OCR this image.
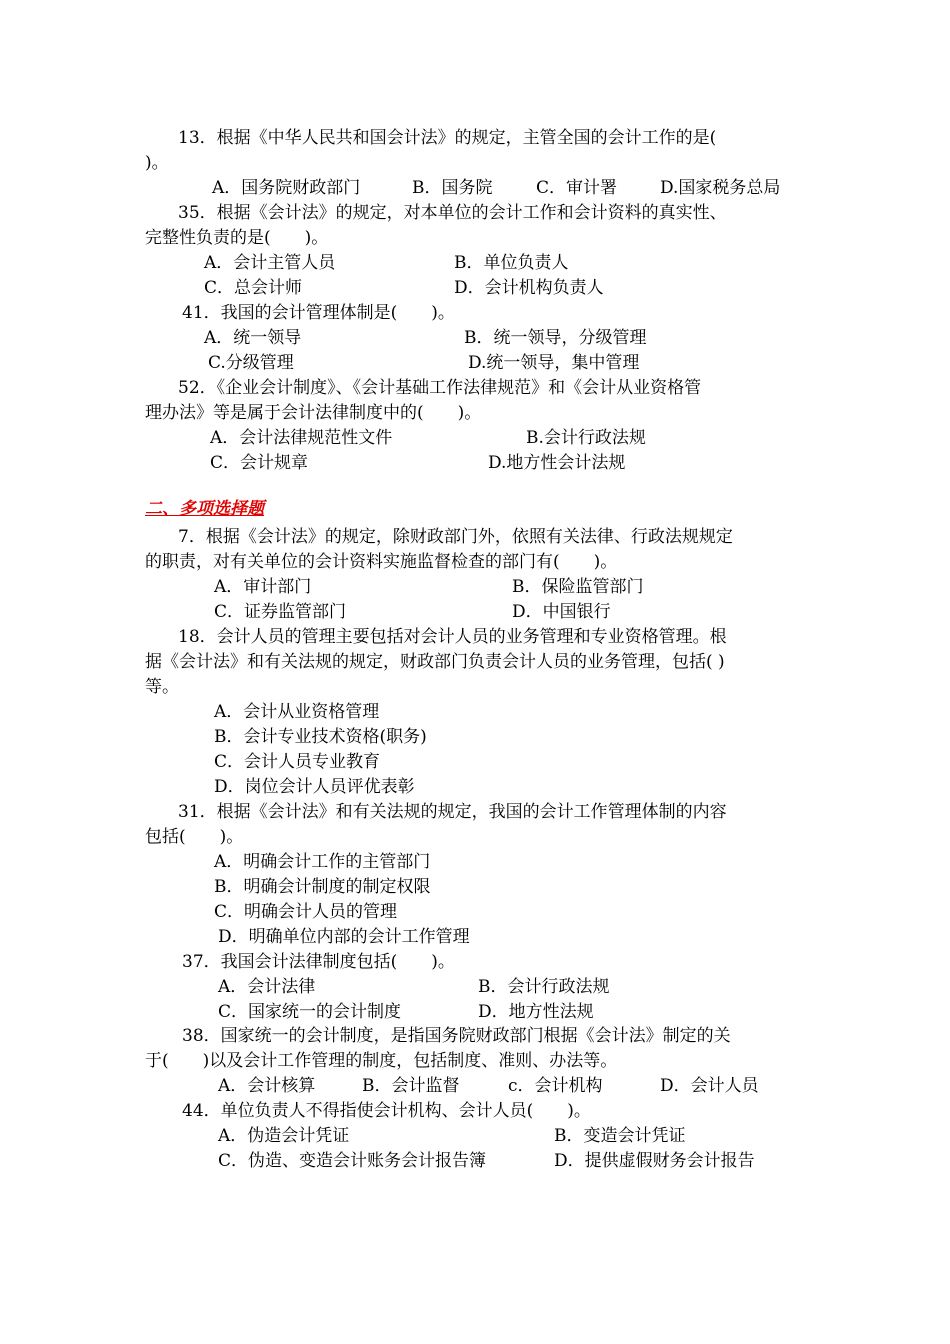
13．根据《中华人民共和国会计法》的规定，主管全国的会计工作的是(
)。
A．国务院财政部门	B．国务院	C．审计署	D.国家税务总局
35．根据《会计法》的规定，对本单位的会计工作和会计资料的真实性、
完整性负责的是(　　)。
A．会计主管人员	B．单位负责人
C．总会计师	D．会计机构负责人
41．我国的会计管理体制是(　　)。
A．统一领导	B．统一领导，分级管理
C.分级管理	D.统一领导，集中管理
52．《企业会计制度》、《会计基础工作法律规范》和《会计从业资格管
理办法》等是属于会计法律制度中的(　　)。
A．会计法律规范性文件	B.会计行政法规
C．会计规章	D.地方性会计法规
二、多项选择题
7．根据《会计法》的规定，除财政部门外，依照有关法律、行政法规规定
的职责，对有关单位的会计资料实施监督检查的部门有(　　)。
A．审计部门	B．保险监管部门
C．证券监管部门	D．中国银行
18．会计人员的管理主要包括对会计人员的业务管理和专业资格管理。根
据《会计法》和有关法规的规定，财政部门负责会计人员的业务管理，包括( )
等。
A．会计从业资格管理
B．会计专业技术资格(职务)
C．会计人员专业教育
D．岗位会计人员评优表彰
31．根据《会计法》和有关法规的规定，我国的会计工作管理体制的内容
包括(　　)。
A．明确会计工作的主管部门
B．明确会计制度的制定权限
C．明确会计人员的管理
D．明确单位内部的会计工作管理
37．我国会计法律制度包括(　　)。
A．会计法律	B．会计行政法规
C．国家统一的会计制度	D．地方性法规
38．国家统一的会计制度，是指国务院财政部门根据《会计法》制定的关
于(　　)以及会计工作管理的制度，包括制度、准则、办法等。
A．会计核算	B．会计监督	c．会计机构	D．会计人员
44．单位负责人不得指使会计机构、会计人员(　　)。
A．伪造会计凭证	B．变造会计凭证
C．伪造、变造会计账务会计报告簿	D．提供虚假财务会计报告
